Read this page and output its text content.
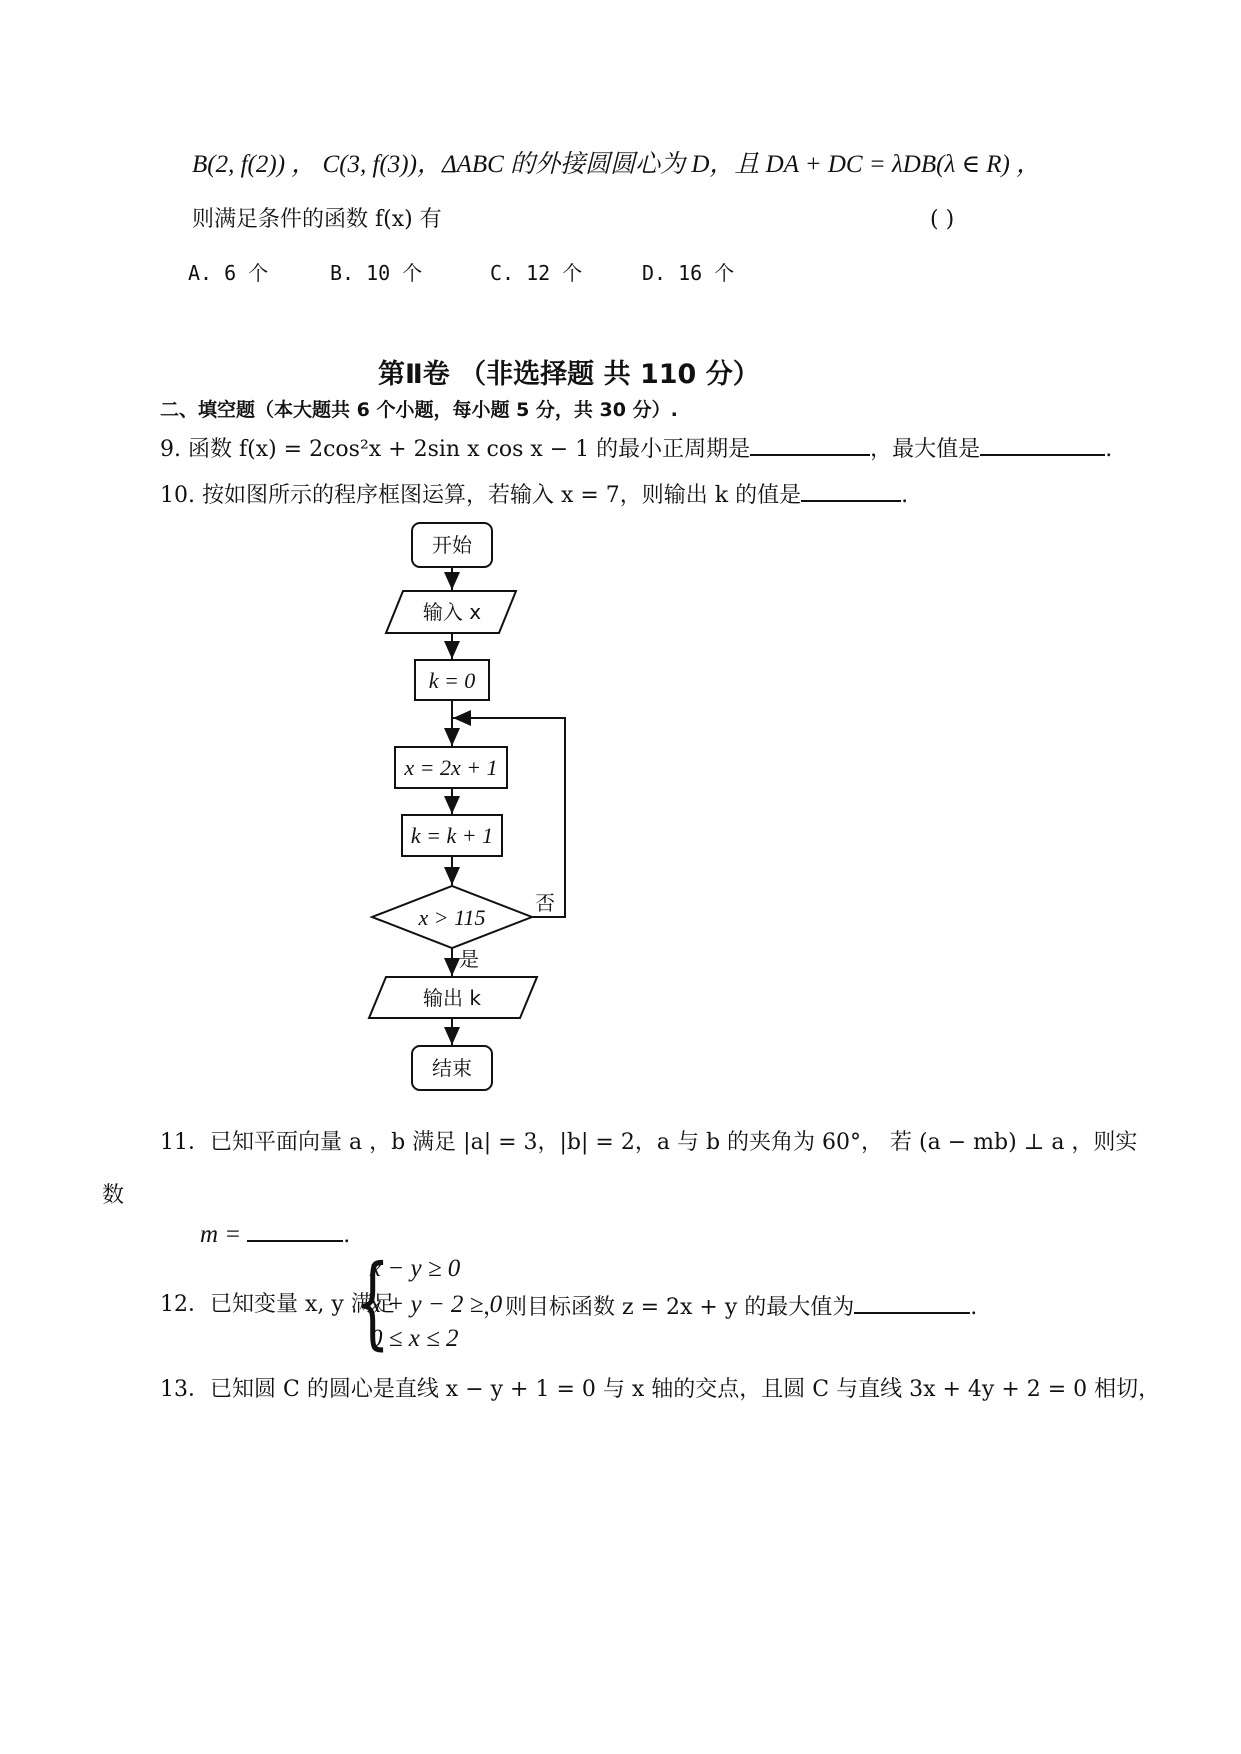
B(2, f(2)) ， C(3, f(3))，ΔABC 的外接圆圆心为 D，且 DA + DC = λDB(λ ∈ R) ，
则满足条件的函数 f(x) 有	( )
A. 6 个	B. 10 个	C. 12 个	D. 16 个
第Ⅱ卷 （非选择题 共 110 分）
二、填空题（本大题共 6 个小题，每小题 5 分，共 30 分）.
9. 函数 f(x) = 2cos²x + 2sin x cos x − 1 的最小正周期是	，最大值是	.
10. 按如图所示的程序框图运算，若输入 x = 7，则输出 k 的值是	.
开始
输入 x
k = 0
x = 2x + 1
k = k + 1
x > 115
否
是
输出 k
结束
11．已知平面向量 a ，b 满足 |a| = 3，|b| = 2，a 与 b 的夹角为 60°， 若 (a − mb) ⊥ a ，则实
数
m =	.
12．已知变量 x, y 满足
{
x − y ≥ 0
x + y − 2 ≥ 0
0 ≤ x ≤ 2
，则目标函数 z = 2x + y 的最大值为	.
13．已知圆 C 的圆心是直线 x − y + 1 = 0 与 x 轴的交点，且圆 C 与直线 3x + 4y + 2 = 0 相切，
